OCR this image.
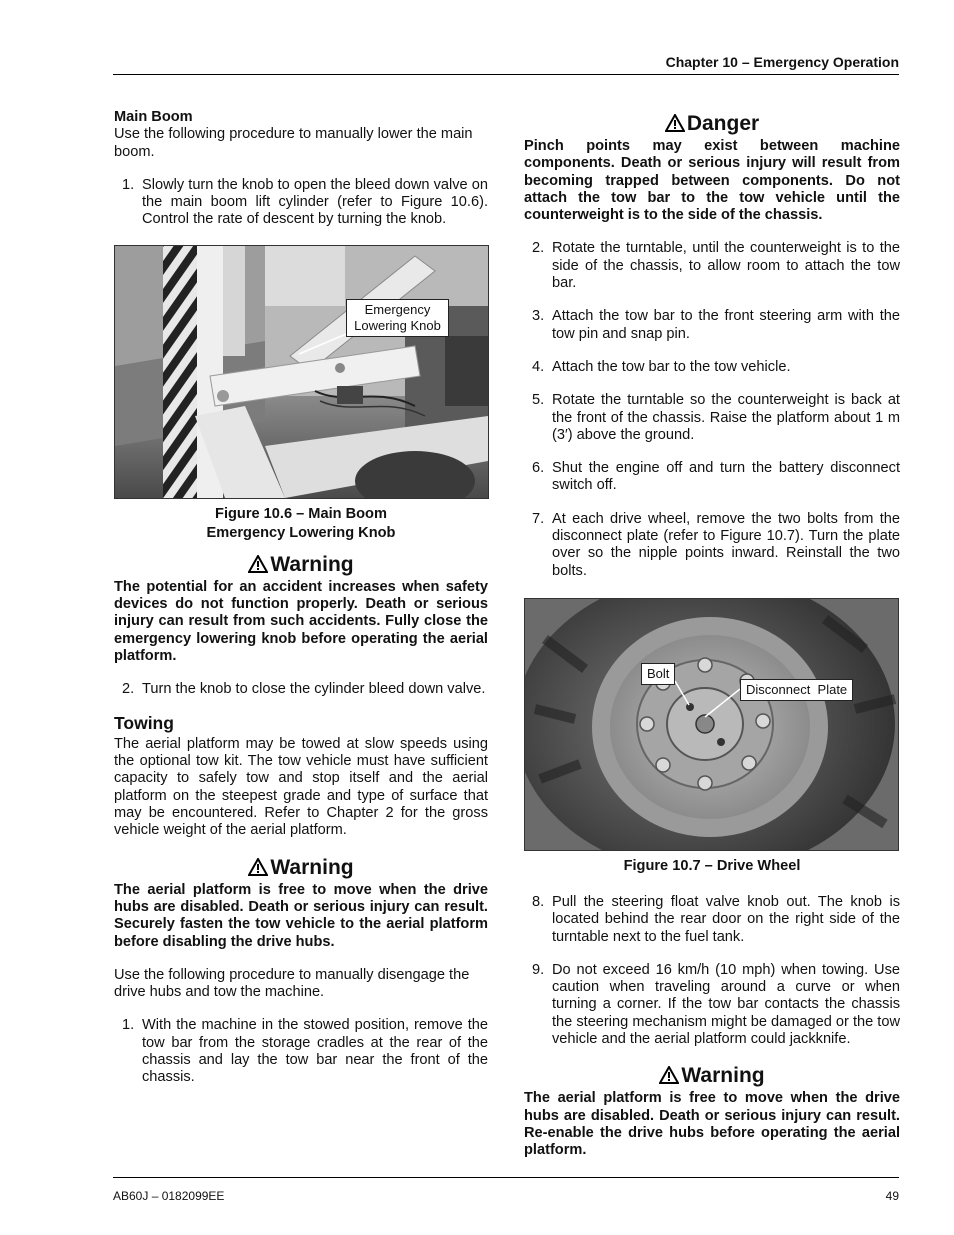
Chapter 10 – Emergency Operation
Main Boom

Use the following procedure to manually lower the main boom.

1. Slowly turn the knob to open the bleed down valve on the main boom lift cylinder (refer to Figure 10.6). Control the rate of descent by turning the knob.
Emergency Lowering Knob
Figure 10.6 – Main Boom
Emergency Lowering Knob
Warning

The potential for an accident increases when safety devices do not function properly. Death or serious injury can result from such accidents. Fully close the emergency lowering knob before operating the aerial platform.

2. Turn the knob to close the cylinder bleed down valve.
Towing

The aerial platform may be towed at slow speeds using the optional tow kit. The tow vehicle must have sufficient capacity to safely tow and stop itself and the aerial platform on the steepest grade and type of surface that may be encountered. Refer to Chapter 2 for the gross vehicle weight of the aerial platform.

Warning

The aerial platform is free to move when the drive hubs are disabled. Death or serious injury can result. Securely fasten the tow vehicle to the aerial platform before disabling the drive hubs.

Use the following procedure to manually disengage the drive hubs and tow the machine.

1. With the machine in the stowed position, remove the tow bar from the storage cradles at the rear of the chassis and lay the tow bar near the front of the chassis.
Danger

Pinch points may exist between machine components. Death or serious injury will result from becoming trapped between components. Do not attach the tow bar to the tow vehicle until the counterweight is to the side of the chassis.

2. Rotate the turntable, until the counterweight is to the side of the chassis, to allow room to attach the tow bar.
3. Attach the tow bar to the front steering arm with the tow pin and snap pin.
4. Attach the tow bar to the tow vehicle.
5. Rotate the turntable so the counterweight is back at the front of the chassis. Raise the platform about 1 m (3′) above the ground.
6. Shut the engine off and turn the battery disconnect switch off.
7. At each drive wheel, remove the two bolts from the disconnect plate (refer to Figure 10.7). Turn the plate over so the nipple points inward. Reinstall the two bolts.
Bolt
Disconnect  Plate
Figure 10.7 – Drive Wheel
8. Pull the steering float valve knob out. The knob is located behind the rear door on the right side of the turntable next to the fuel tank.
9. Do not exceed 16 km/h (10 mph) when towing. Use caution when traveling around a curve or when turning a corner. If the tow bar contacts the chassis the steering mechanism might be damaged or the tow vehicle and the aerial platform could jackknife.
Warning

The aerial platform is free to move when the drive hubs are disabled. Death or serious injury can result. Re-enable the drive hubs before operating the aerial platform.

AB60J – 0182099EE	49
